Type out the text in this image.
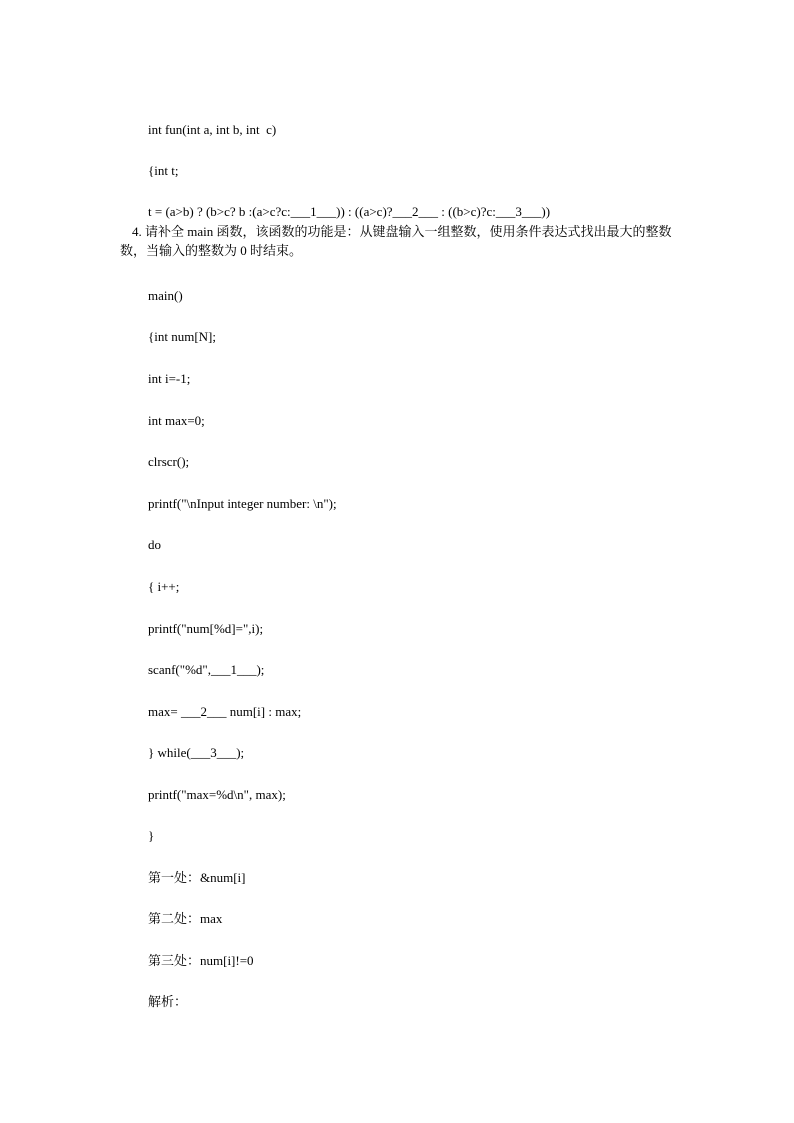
int fun(int a, int b, int  c)
{int t;
t = (a>b) ? (b>c? b :(a>c?c:___1___)) : ((a>c)?___2___ : ((b>c)?c:___3___))
4. 请补全 main 函数，该函数的功能是：从键盘输入一组整数，使用条件表达式找出最大的整数数，当输入的整数为 0 时结束。
main()
{int num[N];
int i=-1;
int max=0;
clrscr();
printf("\nInput integer number: \n");
do
{ i++;
printf("num[%d]=",i);
scanf("%d",___1___);
max= ___2___ num[i] : max;
} while(___3___);
printf("max=%d\n", max);
}
第一处：&num[i]
第二处：max
第三处：num[i]!=0
解析：
